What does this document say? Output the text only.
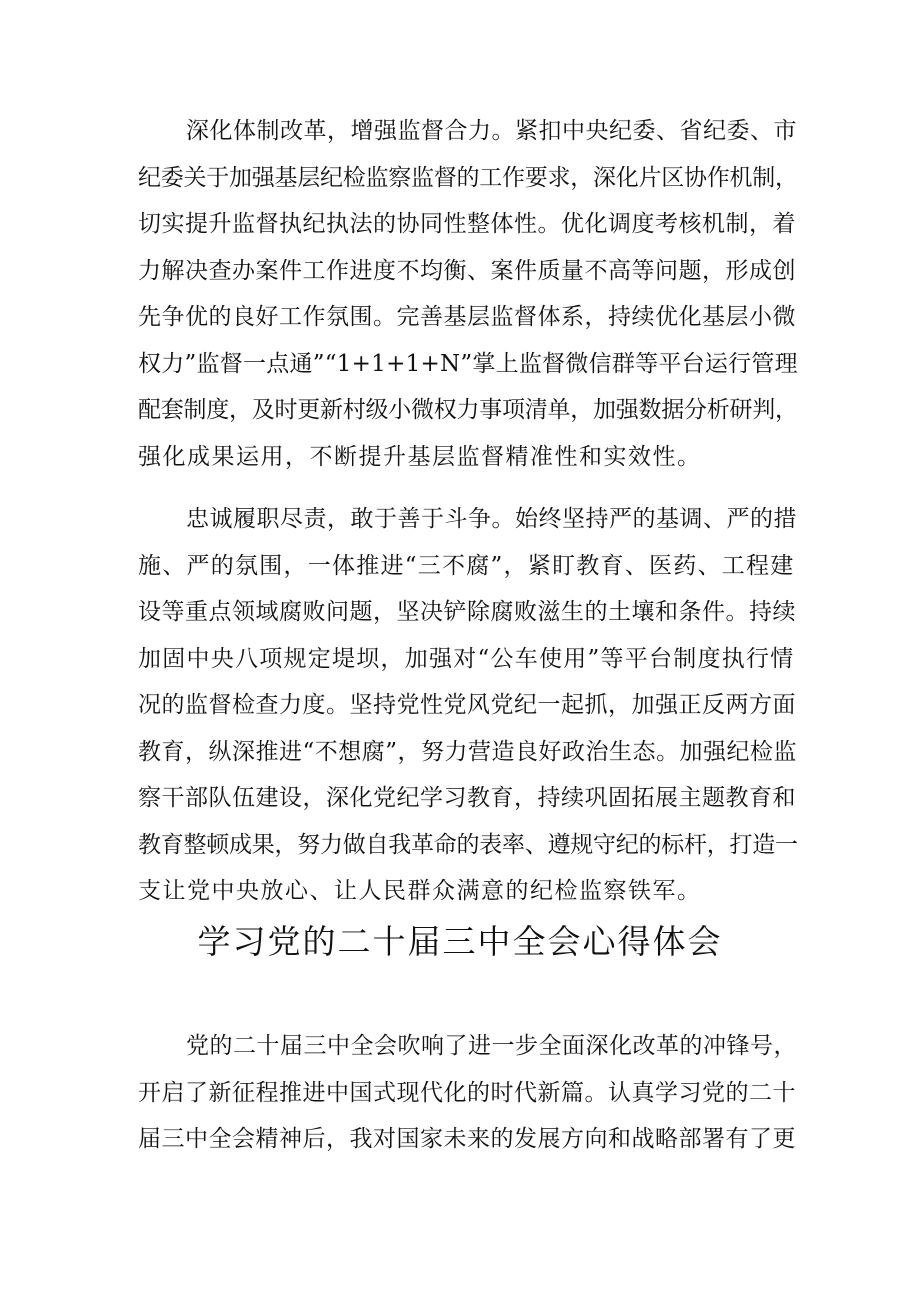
深化体制改革，增强监督合力。紧扣中央纪委、省纪委、市
纪委关于加强基层纪检监察监督的工作要求，深化片区协作机制，
切实提升监督执纪执法的协同性整体性。优化调度考核机制，着
力解决查办案件工作进度不均衡、案件质量不高等问题，形成创
先争优的良好工作氛围。完善基层监督体系，持续优化基层小微
权力”监督一点通”“1+1+1+N”掌上监督微信群等平台运行管理
配套制度，及时更新村级小微权力事项清单，加强数据分析研判，
强化成果运用，不断提升基层监督精准性和实效性。
忠诚履职尽责，敢于善于斗争。始终坚持严的基调、严的措
施、严的氛围，一体推进“三不腐”，紧盯教育、医药、工程建
设等重点领域腐败问题，坚决铲除腐败滋生的土壤和条件。持续
加固中央八项规定堤坝，加强对“公车使用”等平台制度执行情
况的监督检查力度。坚持党性党风党纪一起抓，加强正反两方面
教育，纵深推进“不想腐”，努力营造良好政治生态。加强纪检监
察干部队伍建设，深化党纪学习教育，持续巩固拓展主题教育和
教育整顿成果，努力做自我革命的表率、遵规守纪的标杆，打造一
支让党中央放心、让人民群众满意的纪检监察铁军。
学习党的二十届三中全会心得体会
党的二十届三中全会吹响了进一步全面深化改革的冲锋号，
开启了新征程推进中国式现代化的时代新篇。认真学习党的二十
届三中全会精神后，我对国家未来的发展方向和战略部署有了更
